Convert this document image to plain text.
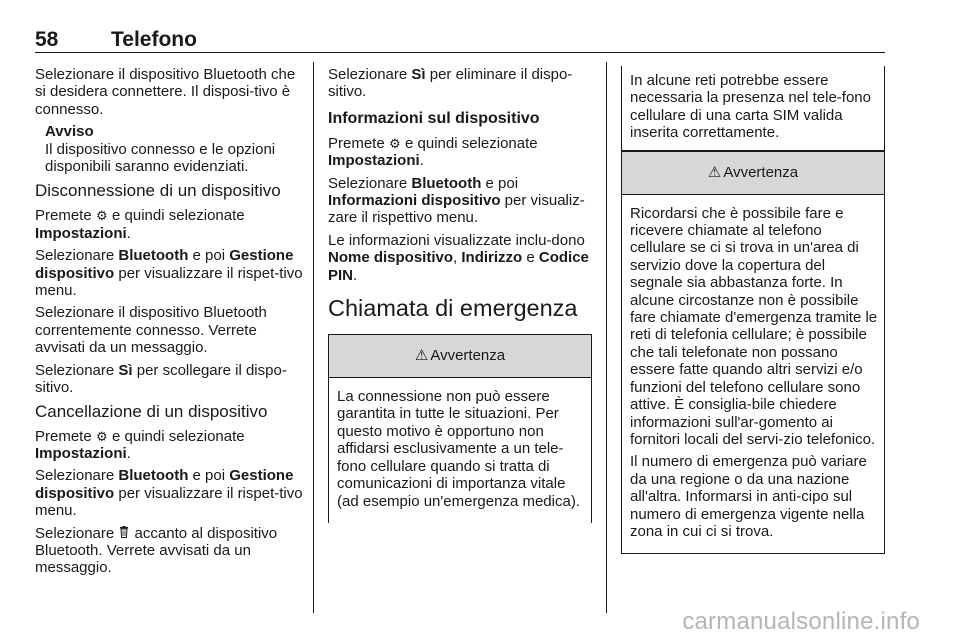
58	Telefono

Selezionare il dispositivo Bluetooth che si desidera connettere. Il disposi-tivo è connesso.

Avviso
Il dispositivo connesso e le opzioni disponibili saranno evidenziati.
Disconnessione di un dispositivo

Premete ⚙ e quindi selezionate Impostazioni.

Selezionare Bluetooth e poi Gestione dispositivo per visualizzare il rispet-tivo menu.

Selezionare il dispositivo Bluetooth correntemente connesso. Verrete avvisati da un messaggio.

Selezionare Sì per scollegare il dispo-sitivo.

Cancellazione di un dispositivo

Premete ⚙ e quindi selezionate Impostazioni.

Selezionare Bluetooth e poi Gestione dispositivo per visualizzare il rispet-tivo menu.

Selezionare  accanto al dispositivo Bluetooth. Verrete avvisati da un messaggio.

Selezionare Sì per eliminare il dispo-sitivo.

Informazioni sul dispositivo

Premete ⚙ e quindi selezionate Impostazioni.

Selezionare Bluetooth e poi Informazioni dispositivo per visualiz-zare il rispettivo menu.

Le informazioni visualizzate inclu-dono Nome dispositivo, Indirizzo e Codice PIN.

Chiamata di emergenza
⚠ Avvertenza

La connessione non può essere garantita in tutte le situazioni. Per questo motivo è opportuno non affidarsi esclusivamente a un tele-fono cellulare quando si tratta di comunicazioni di importanza vitale (ad esempio un'emergenza medica).

In alcune reti potrebbe essere necessaria la presenza nel tele-fono cellulare di una carta SIM valida inserita correttamente.

⚠ Avvertenza

Ricordarsi che è possibile fare e ricevere chiamate al telefono cellulare se ci si trova in un'area di servizio dove la copertura del segnale sia abbastanza forte. In alcune circostanze non è possibile fare chiamate d'emergenza tramite le reti di telefonia cellulare; è possibile che tali telefonate non possano essere fatte quando altri servizi e/o funzioni del telefono cellulare sono attive. È consiglia-bile chiedere informazioni sull'ar-gomento ai fornitori locali del servi-zio telefonico.

Il numero di emergenza può variare da una regione o da una nazione all'altra. Informarsi in anti-cipo sul numero di emergenza vigente nella zona in cui ci si trova.

carmanualsonline.info
